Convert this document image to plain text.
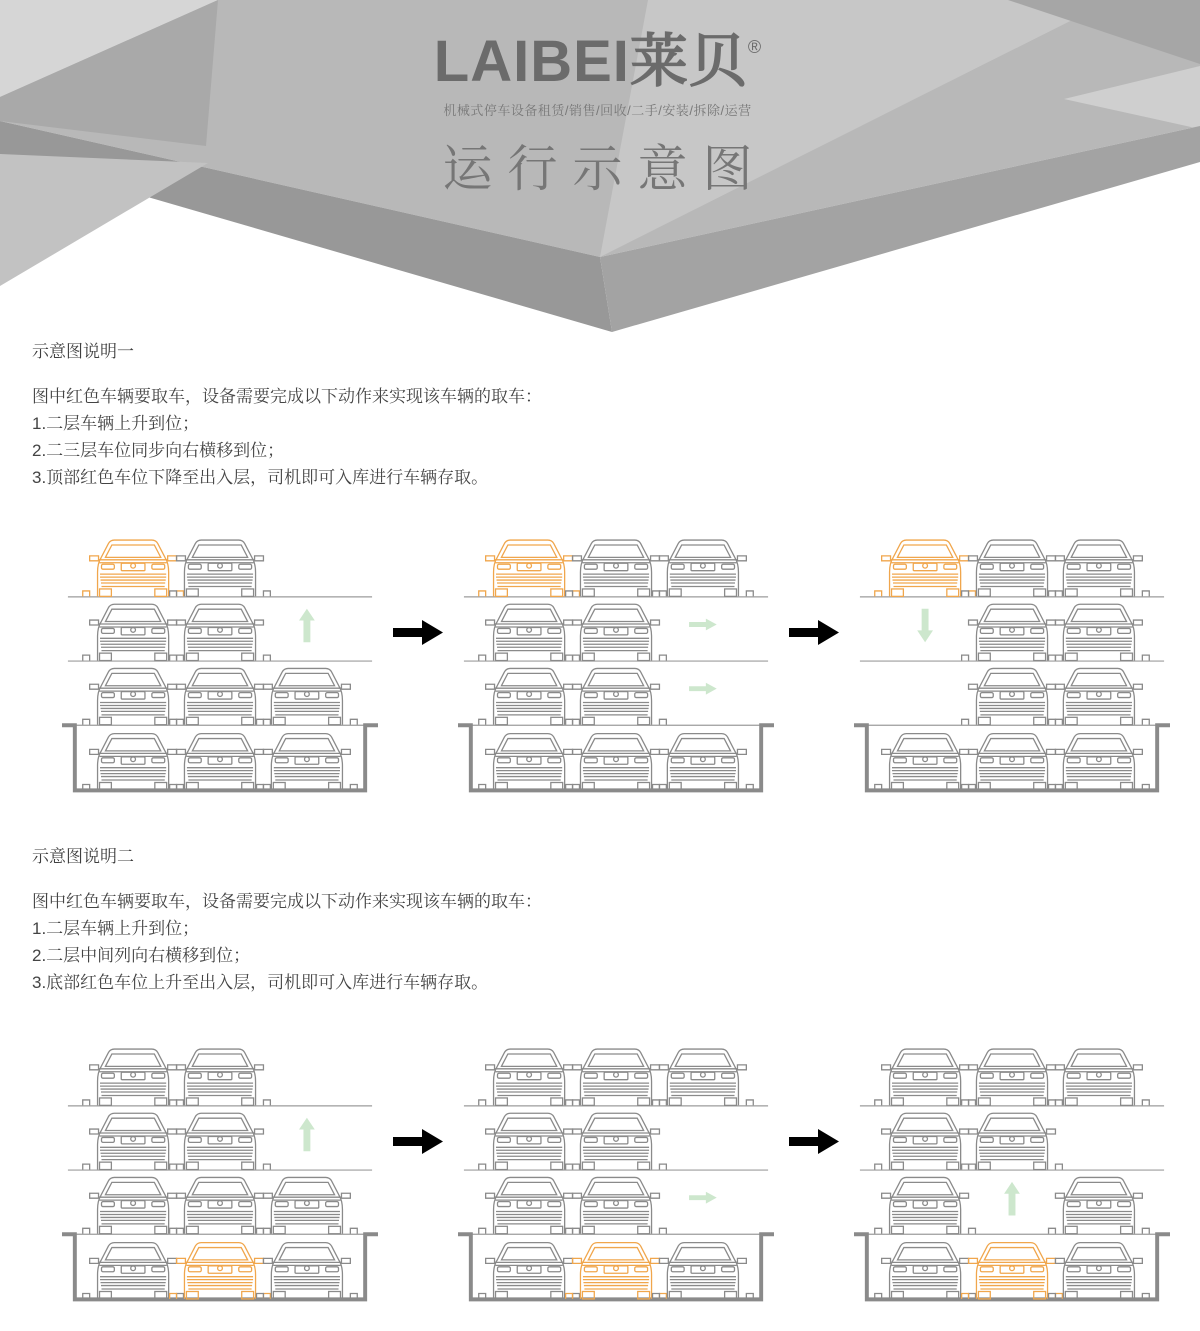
LAIBEI莱贝®
机械式停车设备租赁/销售/回收/二手/安装/拆除/运营
运行示意图
示意图说明一

图中红色车辆要取车，设备需要完成以下动作来实现该车辆的取车：

1.二层车辆上升到位；

2.二三层车位同步向右横移到位；

3.顶部红色车位下降至出入层，司机即可入库进行车辆存取。

示意图说明二

图中红色车辆要取车，设备需要完成以下动作来实现该车辆的取车：

1.二层车辆上升到位；

2.二层中间列向右横移到位；

3.底部红色车位上升至出入层，司机即可入库进行车辆存取。
